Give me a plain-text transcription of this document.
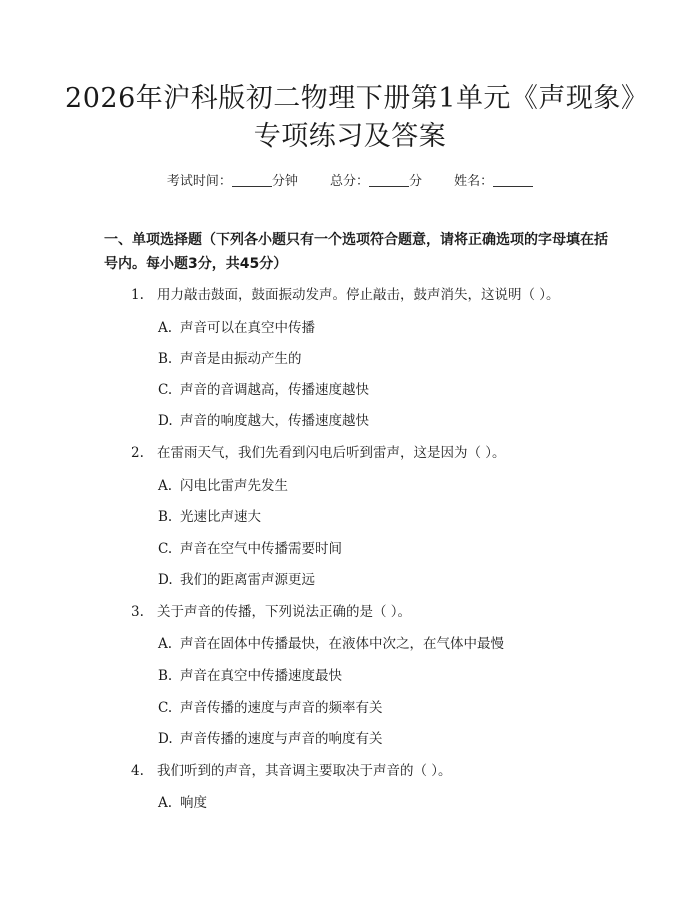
2026年沪科版初二物理下册第1单元《声现象》专项练习及答案
考试时间：	分钟 总分：	分 姓名：
一、单项选择题（下列各小题只有一个选项符合题意，请将正确选项的字母填在括号内。每小题3分，共45分）
1. 用力敲击鼓面，鼓面振动发声。停止敲击，鼓声消失，这说明（ ）。
A. 声音可以在真空中传播
B. 声音是由振动产生的
C. 声音的音调越高，传播速度越快
D. 声音的响度越大，传播速度越快
2. 在雷雨天气，我们先看到闪电后听到雷声，这是因为（ ）。
A. 闪电比雷声先发生
B. 光速比声速大
C. 声音在空气中传播需要时间
D. 我们的距离雷声源更远
3. 关于声音的传播，下列说法正确的是（ ）。
A. 声音在固体中传播最快，在液体中次之，在气体中最慢
B. 声音在真空中传播速度最快
C. 声音传播的速度与声音的频率有关
D. 声音传播的速度与声音的响度有关
4. 我们听到的声音，其音调主要取决于声音的（ ）。
A. 响度
